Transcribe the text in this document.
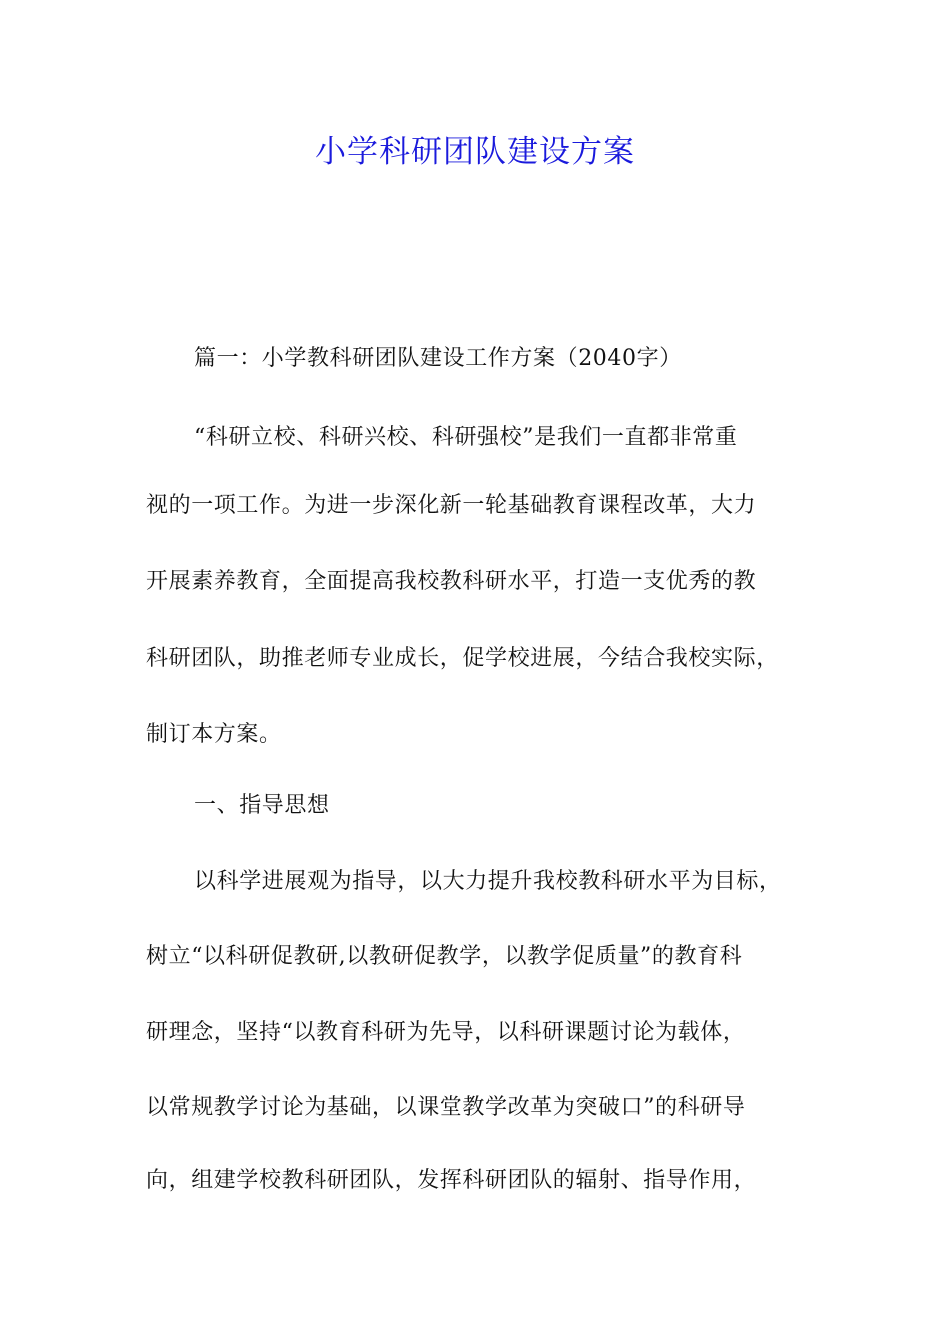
小学科研团队建设方案
篇一：小学教科研团队建设工作方案（2040字）
“科研立校、科研兴校、科研强校”是我们一直都非常重
视的一项工作。为进一步深化新一轮基础教育课程改革，大力
开展素养教育，全面提高我校教科研水平，打造一支优秀的教
科研团队，助推老师专业成长，促学校进展，今结合我校实际，
制订本方案。
一、指导思想
以科学进展观为指导，以大力提升我校教科研水平为目标，
树立“以科研促教研,以教研促教学，以教学促质量”的教育科
研理念，坚持“以教育科研为先导，以科研课题讨论为载体，
以常规教学讨论为基础，以课堂教学改革为突破口”的科研导
向，组建学校教科研团队，发挥科研团队的辐射、指导作用，
